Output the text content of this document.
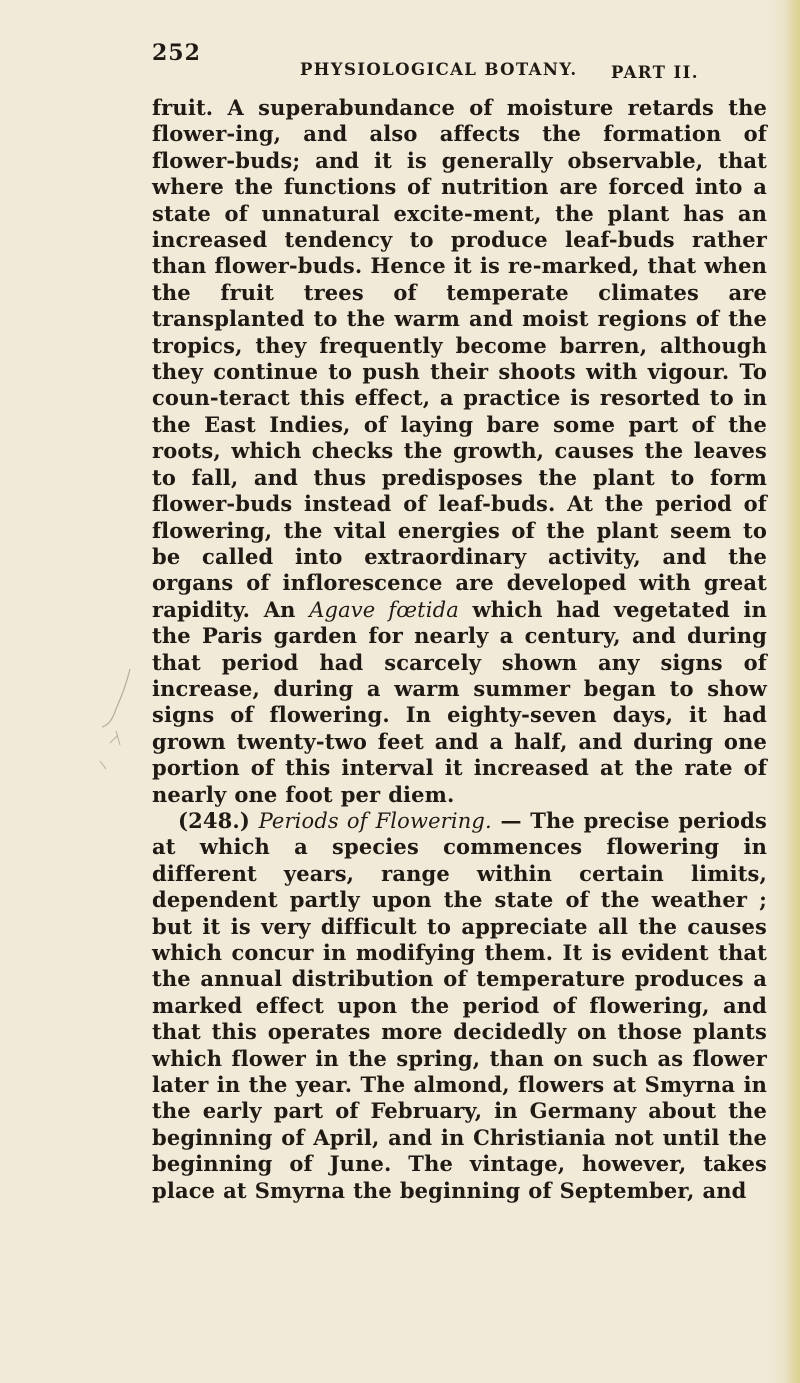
252
PHYSIOLOGICAL BOTANY. PART II.

fruit. A superabundance of moisture retards the flower-ing, and also affects the formation of flower-buds; and it is generally observable, that where the functions of nutrition are forced into a state of unnatural excite-ment, the plant has an increased tendency to produce leaf-buds rather than flower-buds. Hence it is re-marked, that when the fruit trees of temperate climates are transplanted to the warm and moist regions of the tropics, they frequently become barren, although they continue to push their shoots with vigour. To coun-teract this effect, a practice is resorted to in the East Indies, of laying bare some part of the roots, which checks the growth, causes the leaves to fall, and thus predisposes the plant to form flower-buds instead of leaf-buds. At the period of flowering, the vital energies of the plant seem to be called into extraordinary activity, and the organs of inflorescence are developed with great rapidity. An Agave fœtida which had vegetated in the Paris garden for nearly a century, and during that period had scarcely shown any signs of increase, during a warm summer began to show signs of flowering. In eighty-seven days, it had grown twenty-two feet and a half, and during one portion of this interval it increased at the rate of nearly one foot per diem.

(248.) Periods of Flowering. — The precise periods at which a species commences flowering in different years, range within certain limits, dependent partly upon the state of the weather ; but it is very difficult to appreciate all the causes which concur in modifying them. It is evident that the annual distribution of temperature produces a marked effect upon the period of flowering, and that this operates more decidedly on those plants which flower in the spring, than on such as flower later in the year. The almond, flowers at Smyrna in the early part of February, in Germany about the beginning of April, and in Christiania not until the beginning of June. The vintage, however, takes place at Smyrna the beginning of September, and
